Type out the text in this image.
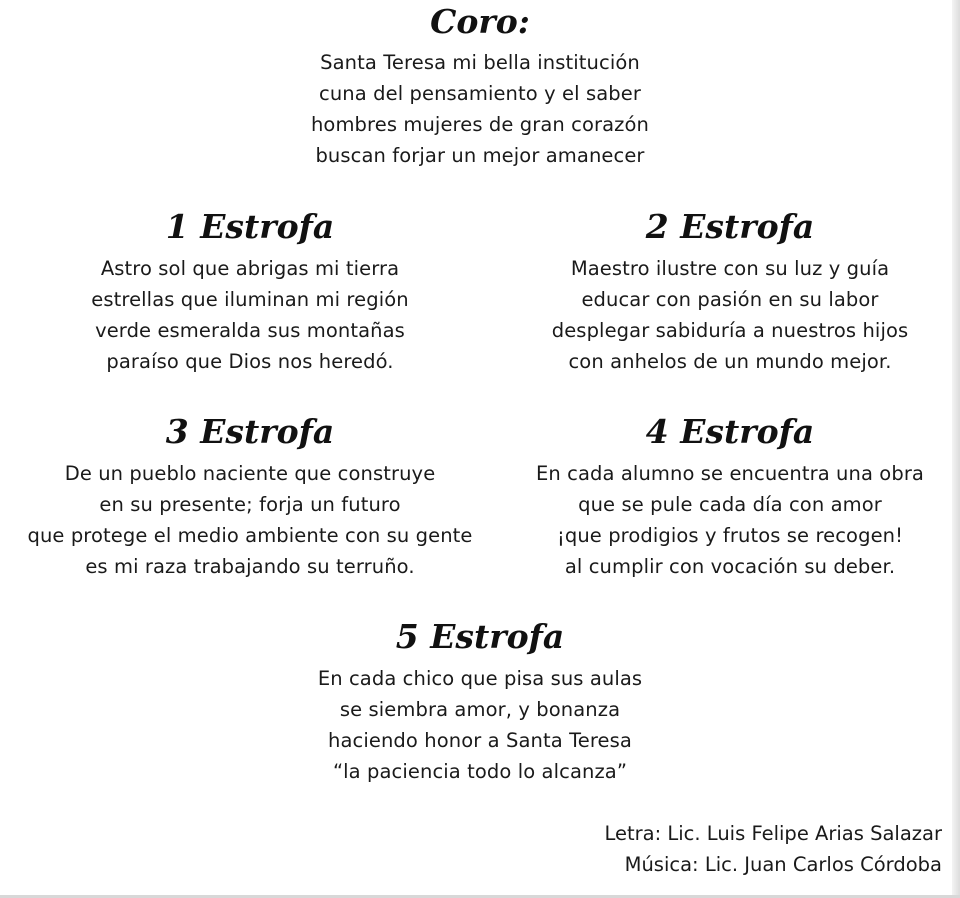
Coro:
Santa Teresa mi bella institución
cuna del pensamiento y el saber
hombres mujeres de gran corazón
buscan forjar un mejor amanecer
1 Estrofa
Astro sol que abrigas mi tierra
estrellas que iluminan mi región
verde esmeralda sus montañas
paraíso que Dios nos heredó.
2 Estrofa
Maestro ilustre con su luz y guía
educar con pasión en su labor
desplegar sabiduría a nuestros hijos
con anhelos de un mundo mejor.
3 Estrofa
De un pueblo naciente que construye
en su presente; forja un futuro
que protege el medio ambiente con su gente
es mi raza trabajando su terruño.
4 Estrofa
En cada alumno se encuentra una obra
que se pule cada día con amor
¡que prodigios y frutos se recogen!
al cumplir con vocación su deber.
5 Estrofa
En cada chico que pisa sus aulas
se siembra amor, y bonanza
haciendo honor a Santa Teresa
“la paciencia todo lo alcanza”
Letra: Lic. Luis Felipe Arias Salazar
Música: Lic. Juan Carlos Córdoba
